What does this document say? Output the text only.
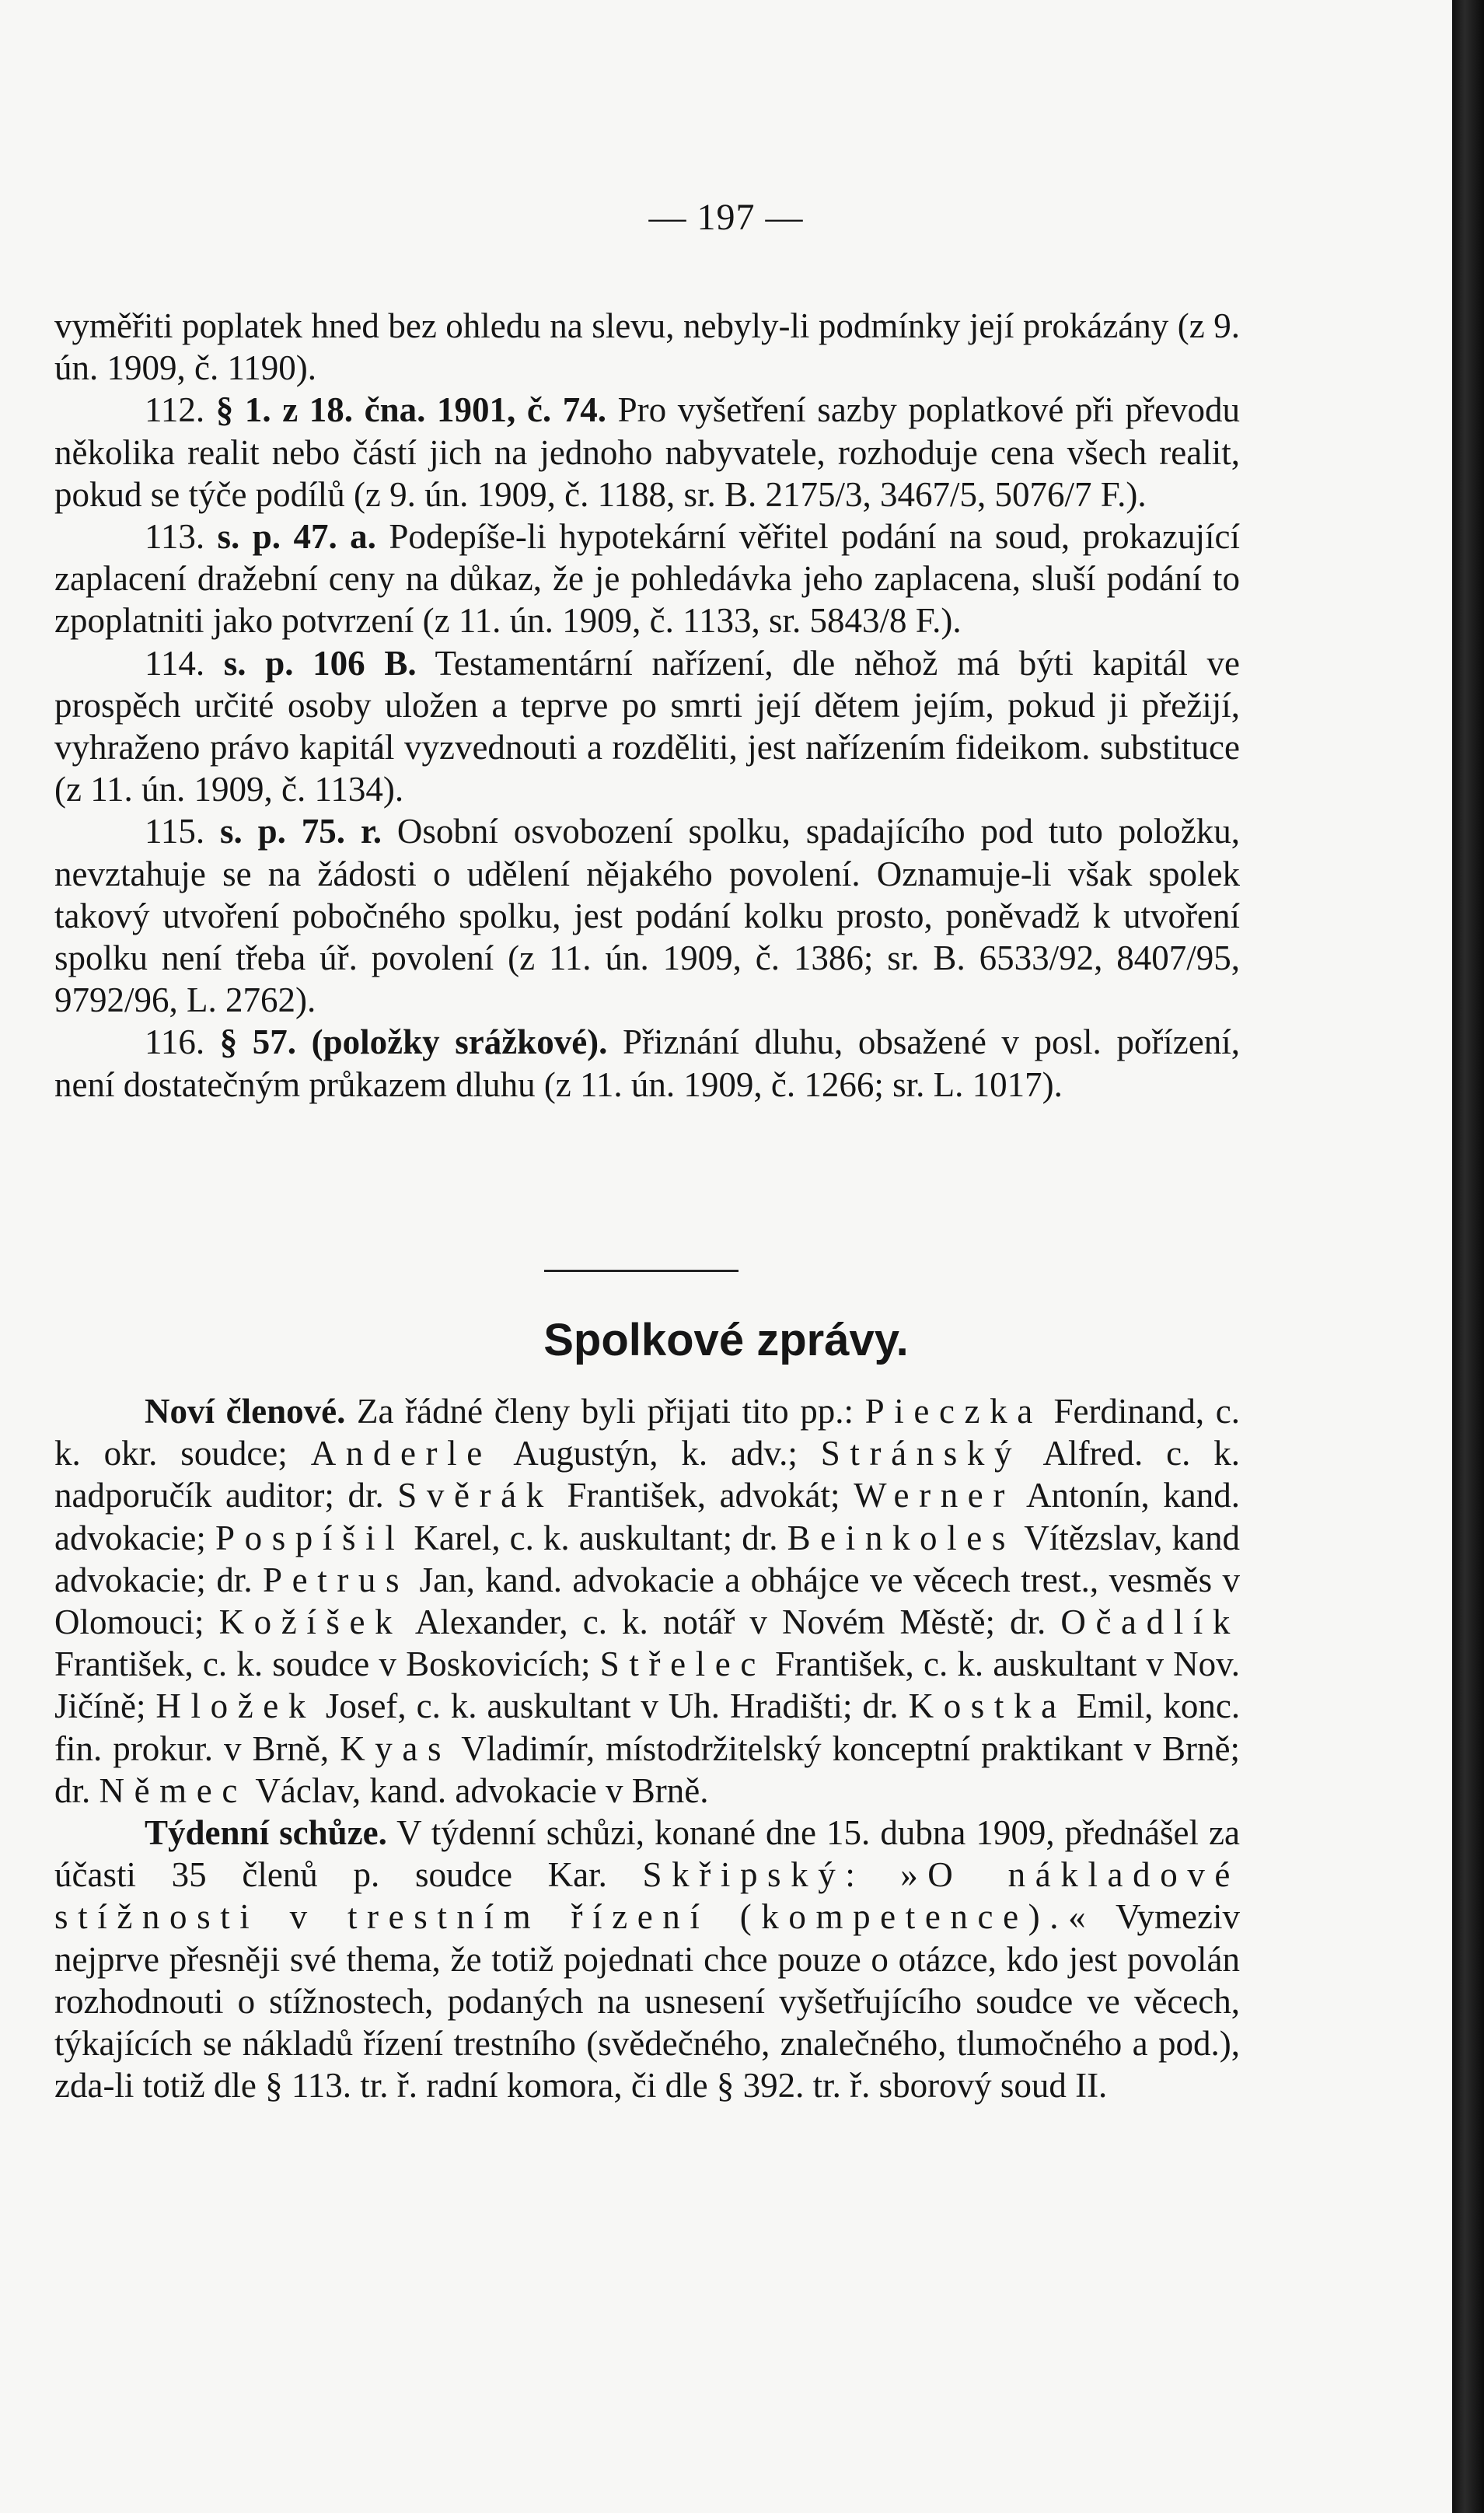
— 197 —

vyměřiti poplatek hned bez ohledu na slevu, nebyly-li podmínky její prokázány (z 9. ún. 1909, č. 1190).

112. § 1. z 18. čna. 1901, č. 74. Pro vyšetření sazby poplatkové při převodu několika realit nebo částí jich na jednoho nabyvatele, rozhoduje cena všech realit, pokud se týče podílů (z 9. ún. 1909, č. 1188, sr. B. 2175/3, 3467/5, 5076/7 F.).

113. s. p. 47. a. Podepíše-li hypotekární věřitel podání na soud, prokazující zaplacení dražební ceny na důkaz, že je pohledávka jeho zaplacena, sluší podání to zpoplatniti jako potvrzení (z 11. ún. 1909, č. 1133, sr. 5843/8 F.).

114. s. p. 106 B. Testamentární nařízení, dle něhož má býti kapitál ve prospěch určité osoby uložen a teprve po smrti její dětem jejím, pokud ji přežijí, vyhraženo právo kapitál vyzvednouti a rozděliti, jest nařízením fideikom. substituce (z 11. ún. 1909, č. 1134).

115. s. p. 75. r. Osobní osvobození spolku, spadajícího pod tuto položku, nevztahuje se na žádosti o udělení nějakého povolení. Oznamuje-li však spolek takový utvoření pobočného spolku, jest podání kolku prosto, poněvadž k utvoření spolku není třeba úř. povolení (z 11. ún. 1909, č. 1386; sr. B. 6533/92, 8407/95, 9792/96, L. 2762).

116. § 57. (položky srážkové). Přiznání dluhu, obsažené v posl. pořízení, není dostatečným průkazem dluhu (z 11. ún. 1909, č. 1266; sr. L. 1017).

Spolkové zprávy.

Noví členové. Za řádné členy byli přijati tito pp.: Pieczka Ferdinand, c. k. okr. soudce; Anderle Augustýn, k. adv.; Stránský Alfred. c. k. nadporučík auditor; dr. Svěrák František, advokát; Werner Antonín, kand. advokacie; Pospíšil Karel, c. k. auskultant; dr. Beinkoles Vítězslav, kand advokacie; dr. Petrus Jan, kand. advokacie a obhájce ve věcech trest., vesměs v Olomouci; Kožíšek Alexander, c. k. notář v Novém Městě; dr. Očadlík František, c. k. soudce v Boskovicích; Střelec František, c. k. auskultant v Nov. Jičíně; Hložek Josef, c. k. auskultant v Uh. Hradišti; dr. Kostka Emil, konc. fin. prokur. v Brně, Kyas Vladimír, místodržitelský konceptní praktikant v Brně; dr. Němec Václav, kand. advokacie v Brně.

Týdenní schůze. V týdenní schůzi, konané dne 15. dubna 1909, přednášel za účasti 35 členů p. soudce Kar. Skřipský: »O nákladové stížnosti v trestním řízení (kompetence).« Vymeziv nejprve přesněji své thema, že totiž pojednati chce pouze o otázce, kdo jest povolán rozhodnouti o stížnostech, podaných na usnesení vyšetřujícího soudce ve věcech, týkajících se nákladů řízení trestního (svědečného, znalečného, tlumočného a pod.), zda-li totiž dle § 113. tr. ř. radní komora, či dle § 392. tr. ř. sborový soud II.
